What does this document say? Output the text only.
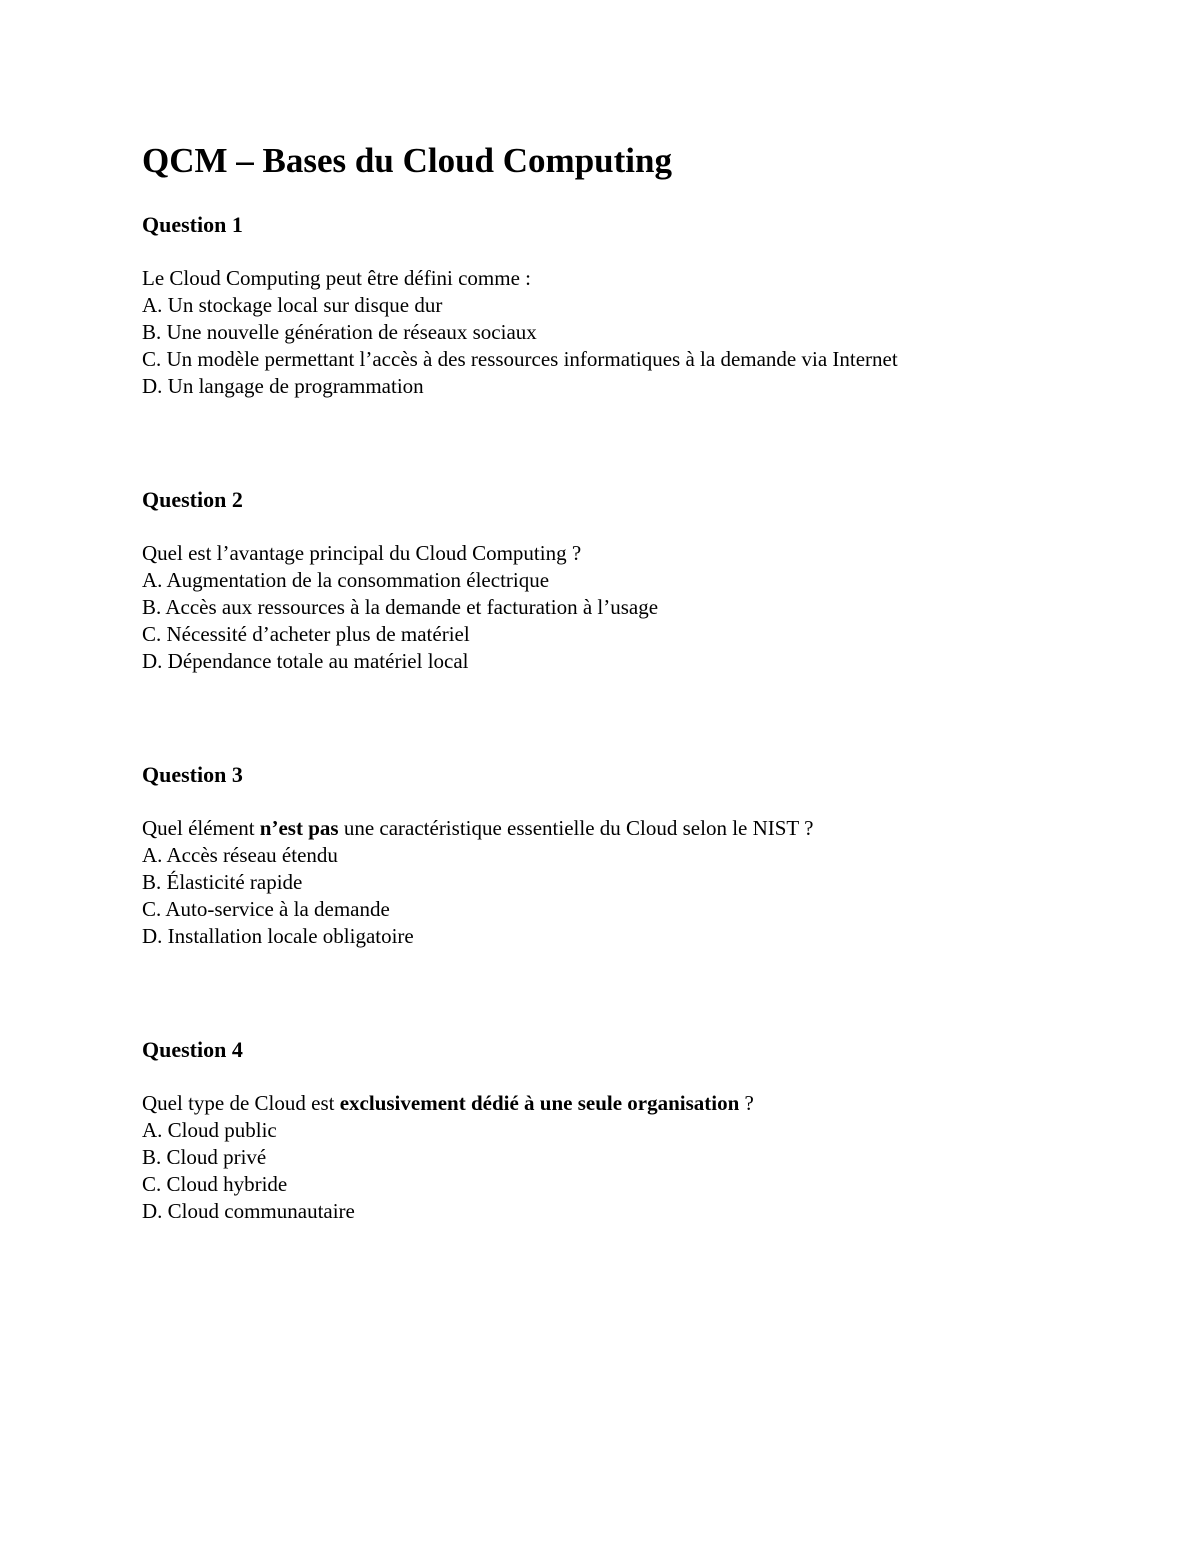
QCM – Bases du Cloud Computing
Question 1

Le Cloud Computing peut être défini comme :

A. Un stockage local sur disque dur
B. Une nouvelle génération de réseaux sociaux
C. Un modèle permettant l’accès à des ressources informatiques à la demande via Internet
D. Un langage de programmation
Question 2

Quel est l’avantage principal du Cloud Computing ?

A. Augmentation de la consommation électrique
B. Accès aux ressources à la demande et facturation à l’usage
C. Nécessité d’acheter plus de matériel
D. Dépendance totale au matériel local
Question 3

Quel élément n’est pas une caractéristique essentielle du Cloud selon le NIST ?

A. Accès réseau étendu
B. Élasticité rapide
C. Auto-service à la demande
D. Installation locale obligatoire
Question 4

Quel type de Cloud est exclusivement dédié à une seule organisation ?

A. Cloud public
B. Cloud privé
C. Cloud hybride
D. Cloud communautaire
